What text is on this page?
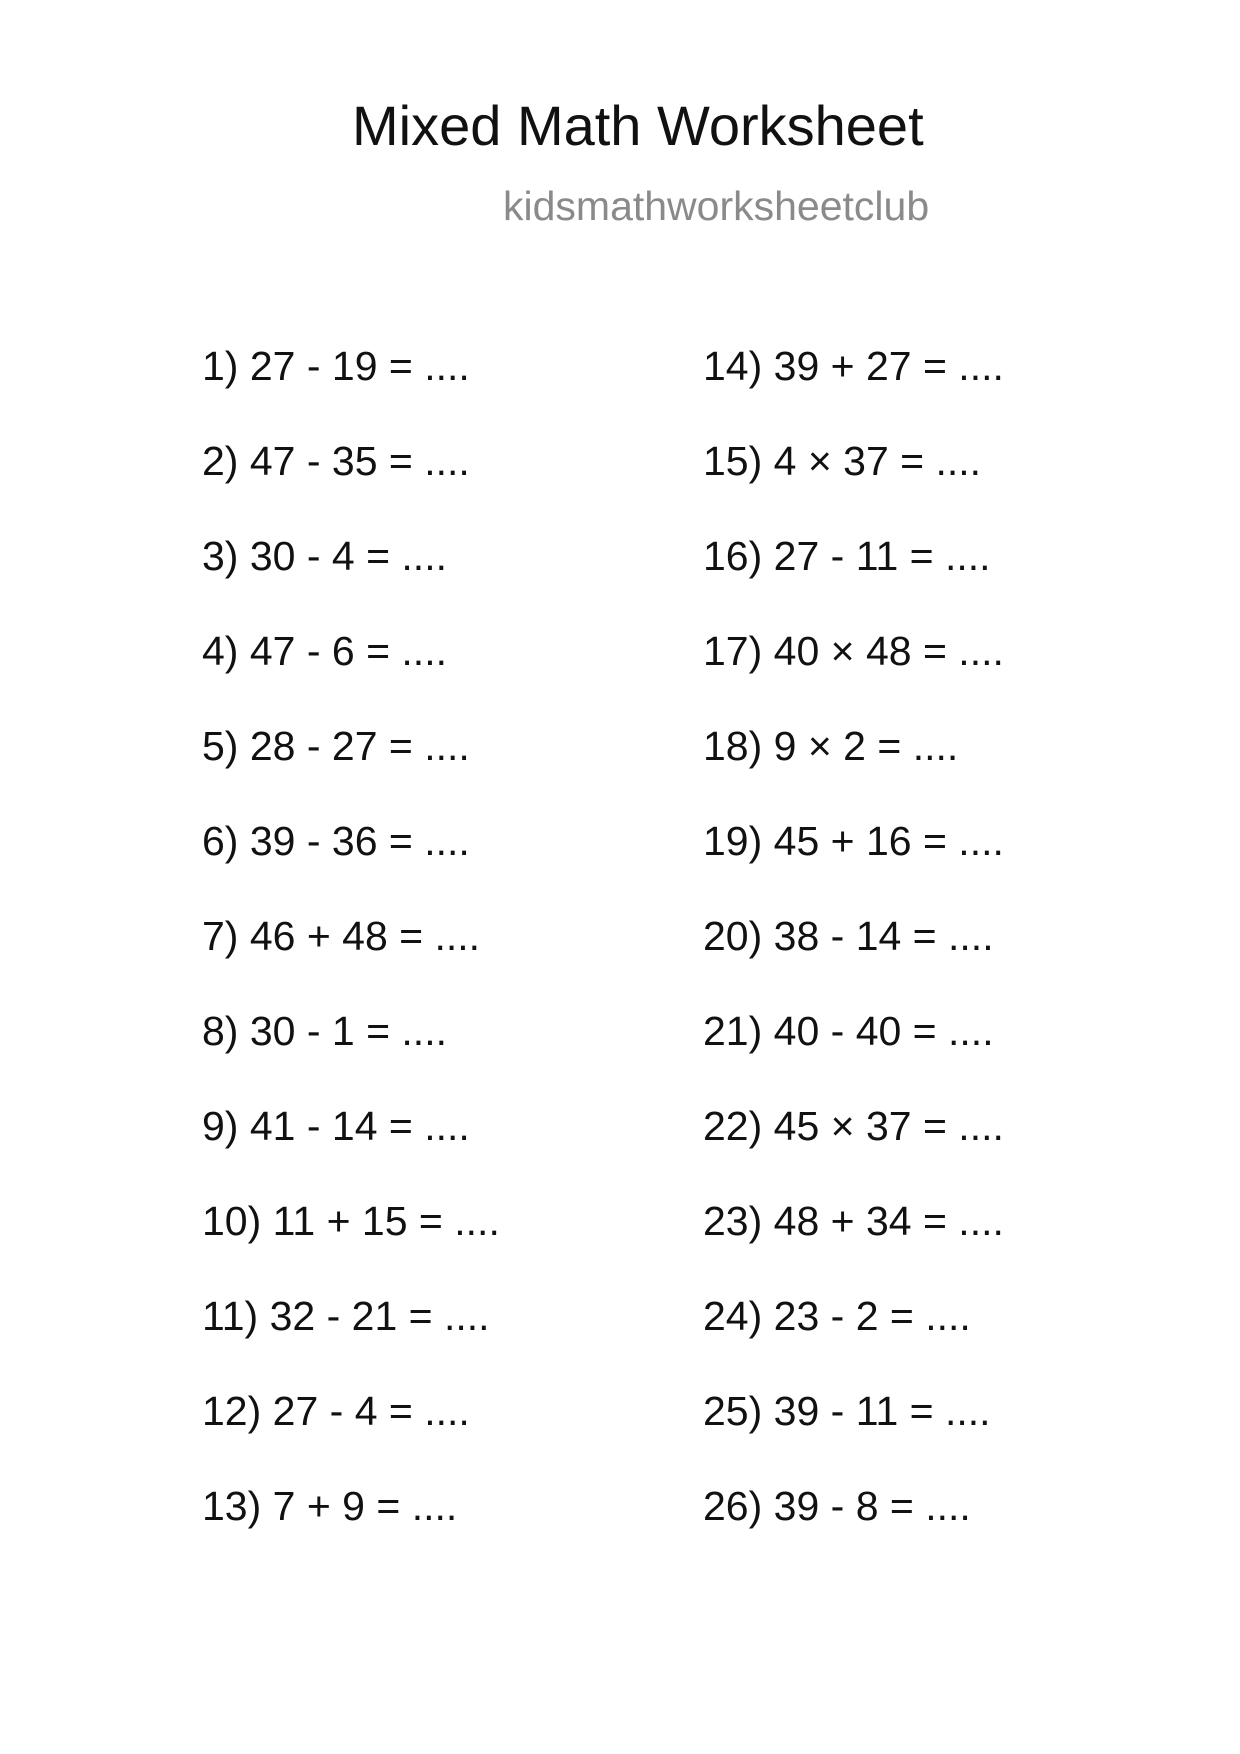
Mixed Math Worksheet
kidsmathworksheetclub
1) 27 - 19 = ....
2) 47 - 35 = ....
3) 30 - 4 = ....
4) 47 - 6 = ....
5) 28 - 27 = ....
6) 39 - 36 = ....
7) 46 + 48 = ....
8) 30 - 1 = ....
9) 41 - 14 = ....
10) 11 + 15 = ....
11) 32 - 21 = ....
12) 27 - 4 = ....
13) 7 + 9 = ....
14) 39 + 27 = ....
15) 4 × 37 = ....
16) 27 - 11 = ....
17) 40 × 48 = ....
18) 9 × 2 = ....
19) 45 + 16 = ....
20) 38 - 14 = ....
21) 40 - 40 = ....
22) 45 × 37 = ....
23) 48 + 34 = ....
24) 23 - 2 = ....
25) 39 - 11 = ....
26) 39 - 8 = ....
